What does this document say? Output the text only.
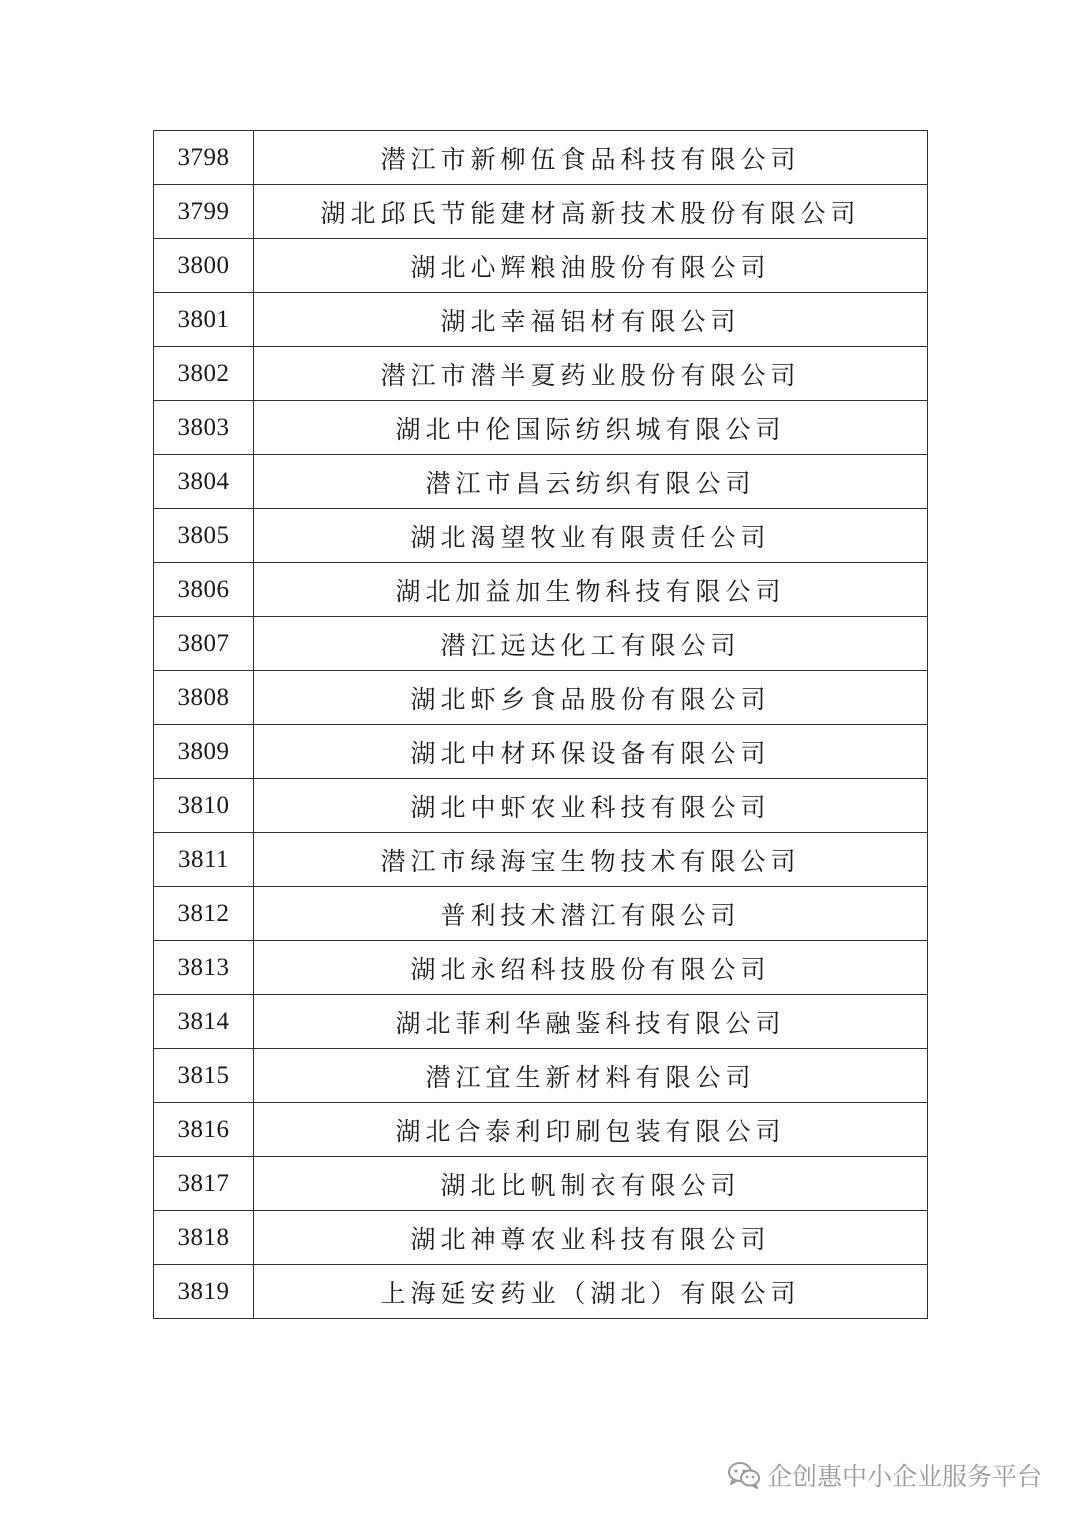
3798	潜江市新柳伍食品科技有限公司
3799	湖北邱氏节能建材高新技术股份有限公司
3800	湖北心辉粮油股份有限公司
3801	湖北幸福铝材有限公司
3802	潜江市潜半夏药业股份有限公司
3803	湖北中伦国际纺织城有限公司
3804	潜江市昌云纺织有限公司
3805	湖北渴望牧业有限责任公司
3806	湖北加益加生物科技有限公司
3807	潜江远达化工有限公司
3808	湖北虾乡食品股份有限公司
3809	湖北中材环保设备有限公司
3810	湖北中虾农业科技有限公司
3811	潜江市绿海宝生物技术有限公司
3812	普利技术潜江有限公司
3813	湖北永绍科技股份有限公司
3814	湖北菲利华融鉴科技有限公司
3815	潜江宜生新材料有限公司
3816	湖北合泰利印刷包装有限公司
3817	湖北比帆制衣有限公司
3818	湖北神尊农业科技有限公司
3819	上海延安药业（湖北）有限公司
企创惠中小企业服务平台
